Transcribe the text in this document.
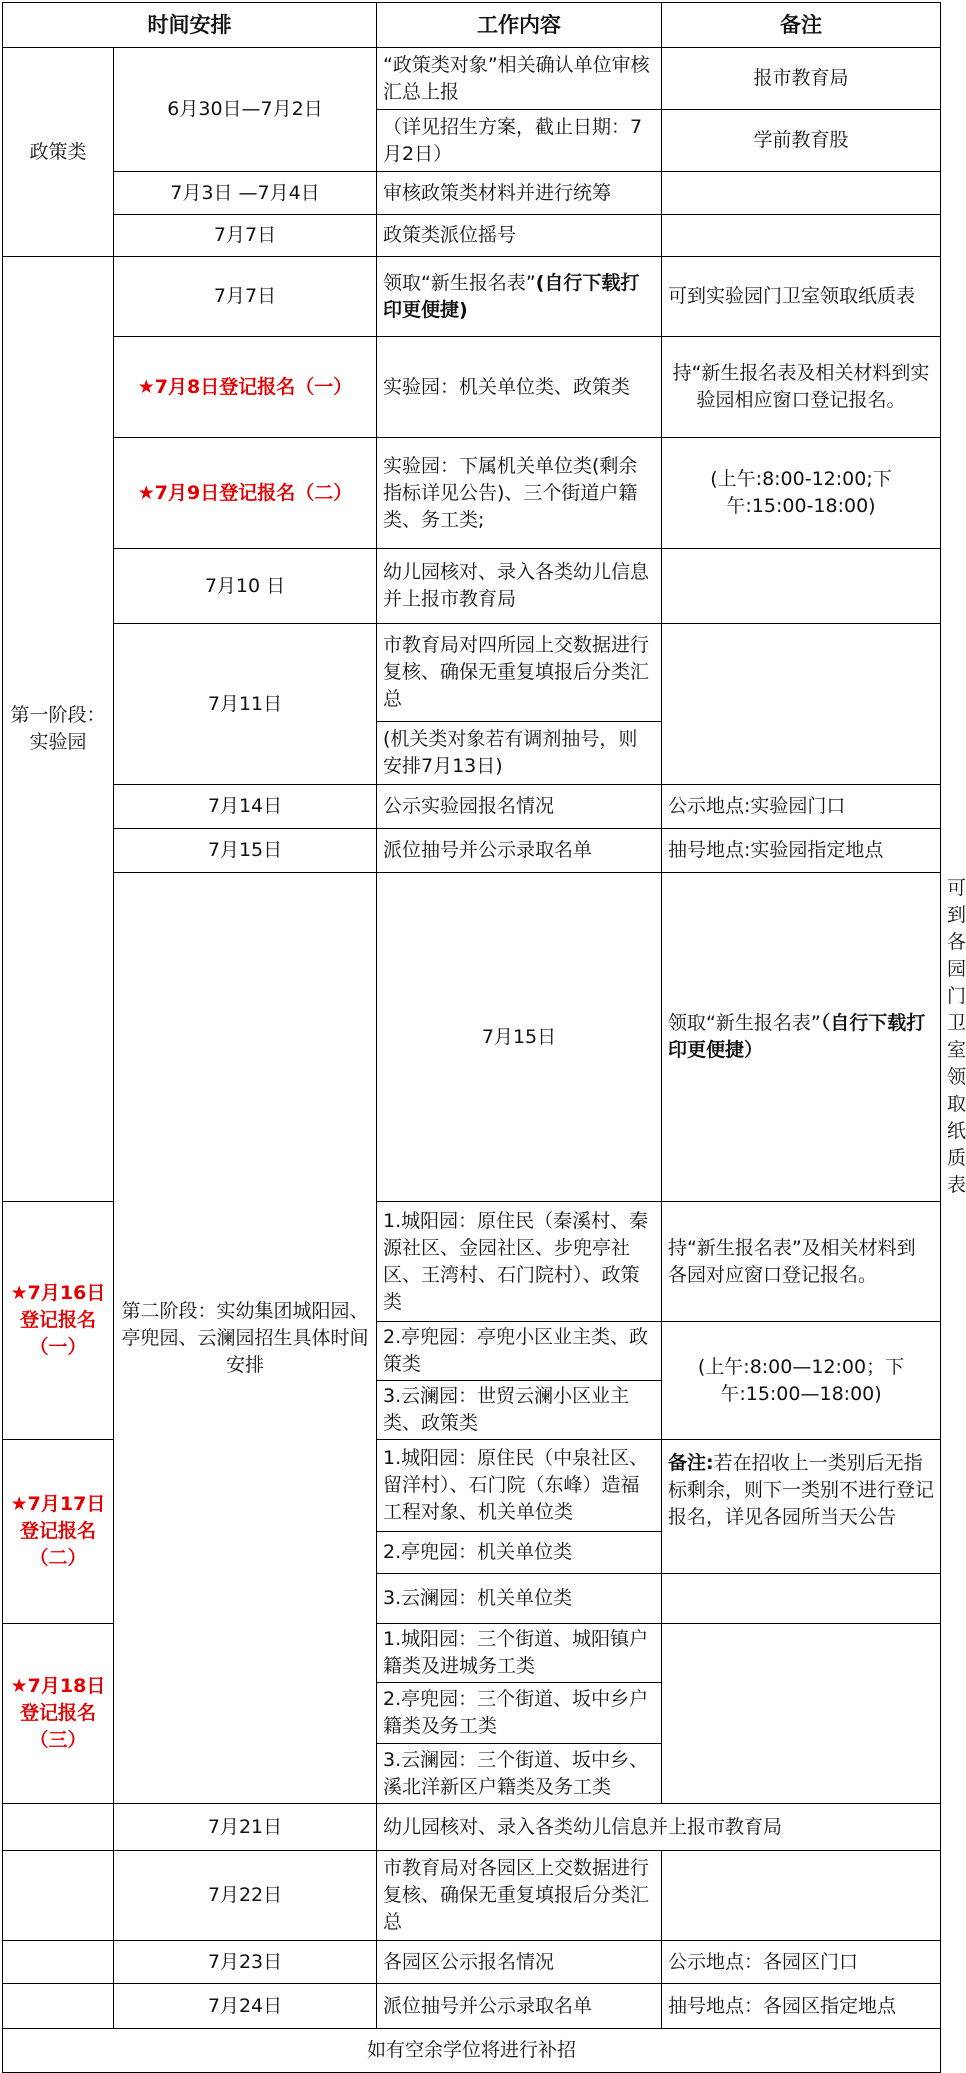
时间安排		工作内容	备注	
政策类	6月30日—7月2日	“政策类对象”相关确认单位审核汇总上报	报市教育局	
		（详见招生方案，截止日期：7月2日）	学前教育股	
	7月3日 —7月4日	审核政策类材料并进行统筹		
	7月7日	政策类派位摇号		
第一阶段：实验园	7月7日	领取“新生报名表”(自行下载打印更便捷)	可到实验园门卫室领取纸质表	
	★7月8日登记报名（一）	实验园：机关单位类、政策类	持“新生报名表及相关材料到实验园相应窗口登记报名。	
	★7月9日登记报名（二）	实验园：下属机关单位类(剩余指标详见公告)、三个街道户籍类、务工类;	(上午:8:00-12:00;下午:15:00-18:00)	
	7月10 日	幼儿园核对、录入各类幼儿信息并上报市教育局		
	7月11日	市教育局对四所园上交数据进行复核、确保无重复填报后分类汇总		
		(机关类对象若有调剂抽号，则安排7月13日)		
	7月14日	公示实验园报名情况	公示地点:实验园门口	
	7月15日	派位抽号并公示录取名单	抽号地点:实验园指定地点	
	第二阶段：实幼集团城阳园、亭兜园、云澜园招生具体时间安排	7月15日	领取“新生报名表”（自行下载打印更便捷）	可到各园门卫室领取纸质表
★7月16日登记报名 （一）		1.城阳园：原住民（秦溪村、秦源社区、金园社区、步兜亭社区、王湾村、石门院村）、政策类	持“新生报名表”及相关材料到各园对应窗口登记报名。	
		2.亭兜园：亭兜小区业主类、政策类	(上午:8:00—12:00；下午:15:00—18:00)	
		3.云澜园：世贸云澜小区业主类、政策类		
★7月17日登记报名 （二）		1.城阳园：原住民（中泉社区、留洋村）、石门院（东峰）造福工程对象、机关单位类	备注:若在招收上一类别后无指标剩余，则下一类别不进行登记报名，详见各园所当天公告	
		2.亭兜园：机关单位类		
		3.云澜园：机关单位类		
★7月18日登记报名（三）		1.城阳园：三个街道、城阳镇户籍类及进城务工类		
		2.亭兜园：三个街道、坂中乡户籍类及务工类		
		3.云澜园：三个街道、坂中乡、溪北洋新区户籍类及务工类		
	7月21日	幼儿园核对、录入各类幼儿信息并上报市教育局		
	7月22日	市教育局对各园区上交数据进行复核、确保无重复填报后分类汇总		
	7月23日	各园区公示报名情况	公示地点：各园区门口	
	7月24日	派位抽号并公示录取名单	抽号地点：各园区指定地点	
如有空余学位将进行补招				
